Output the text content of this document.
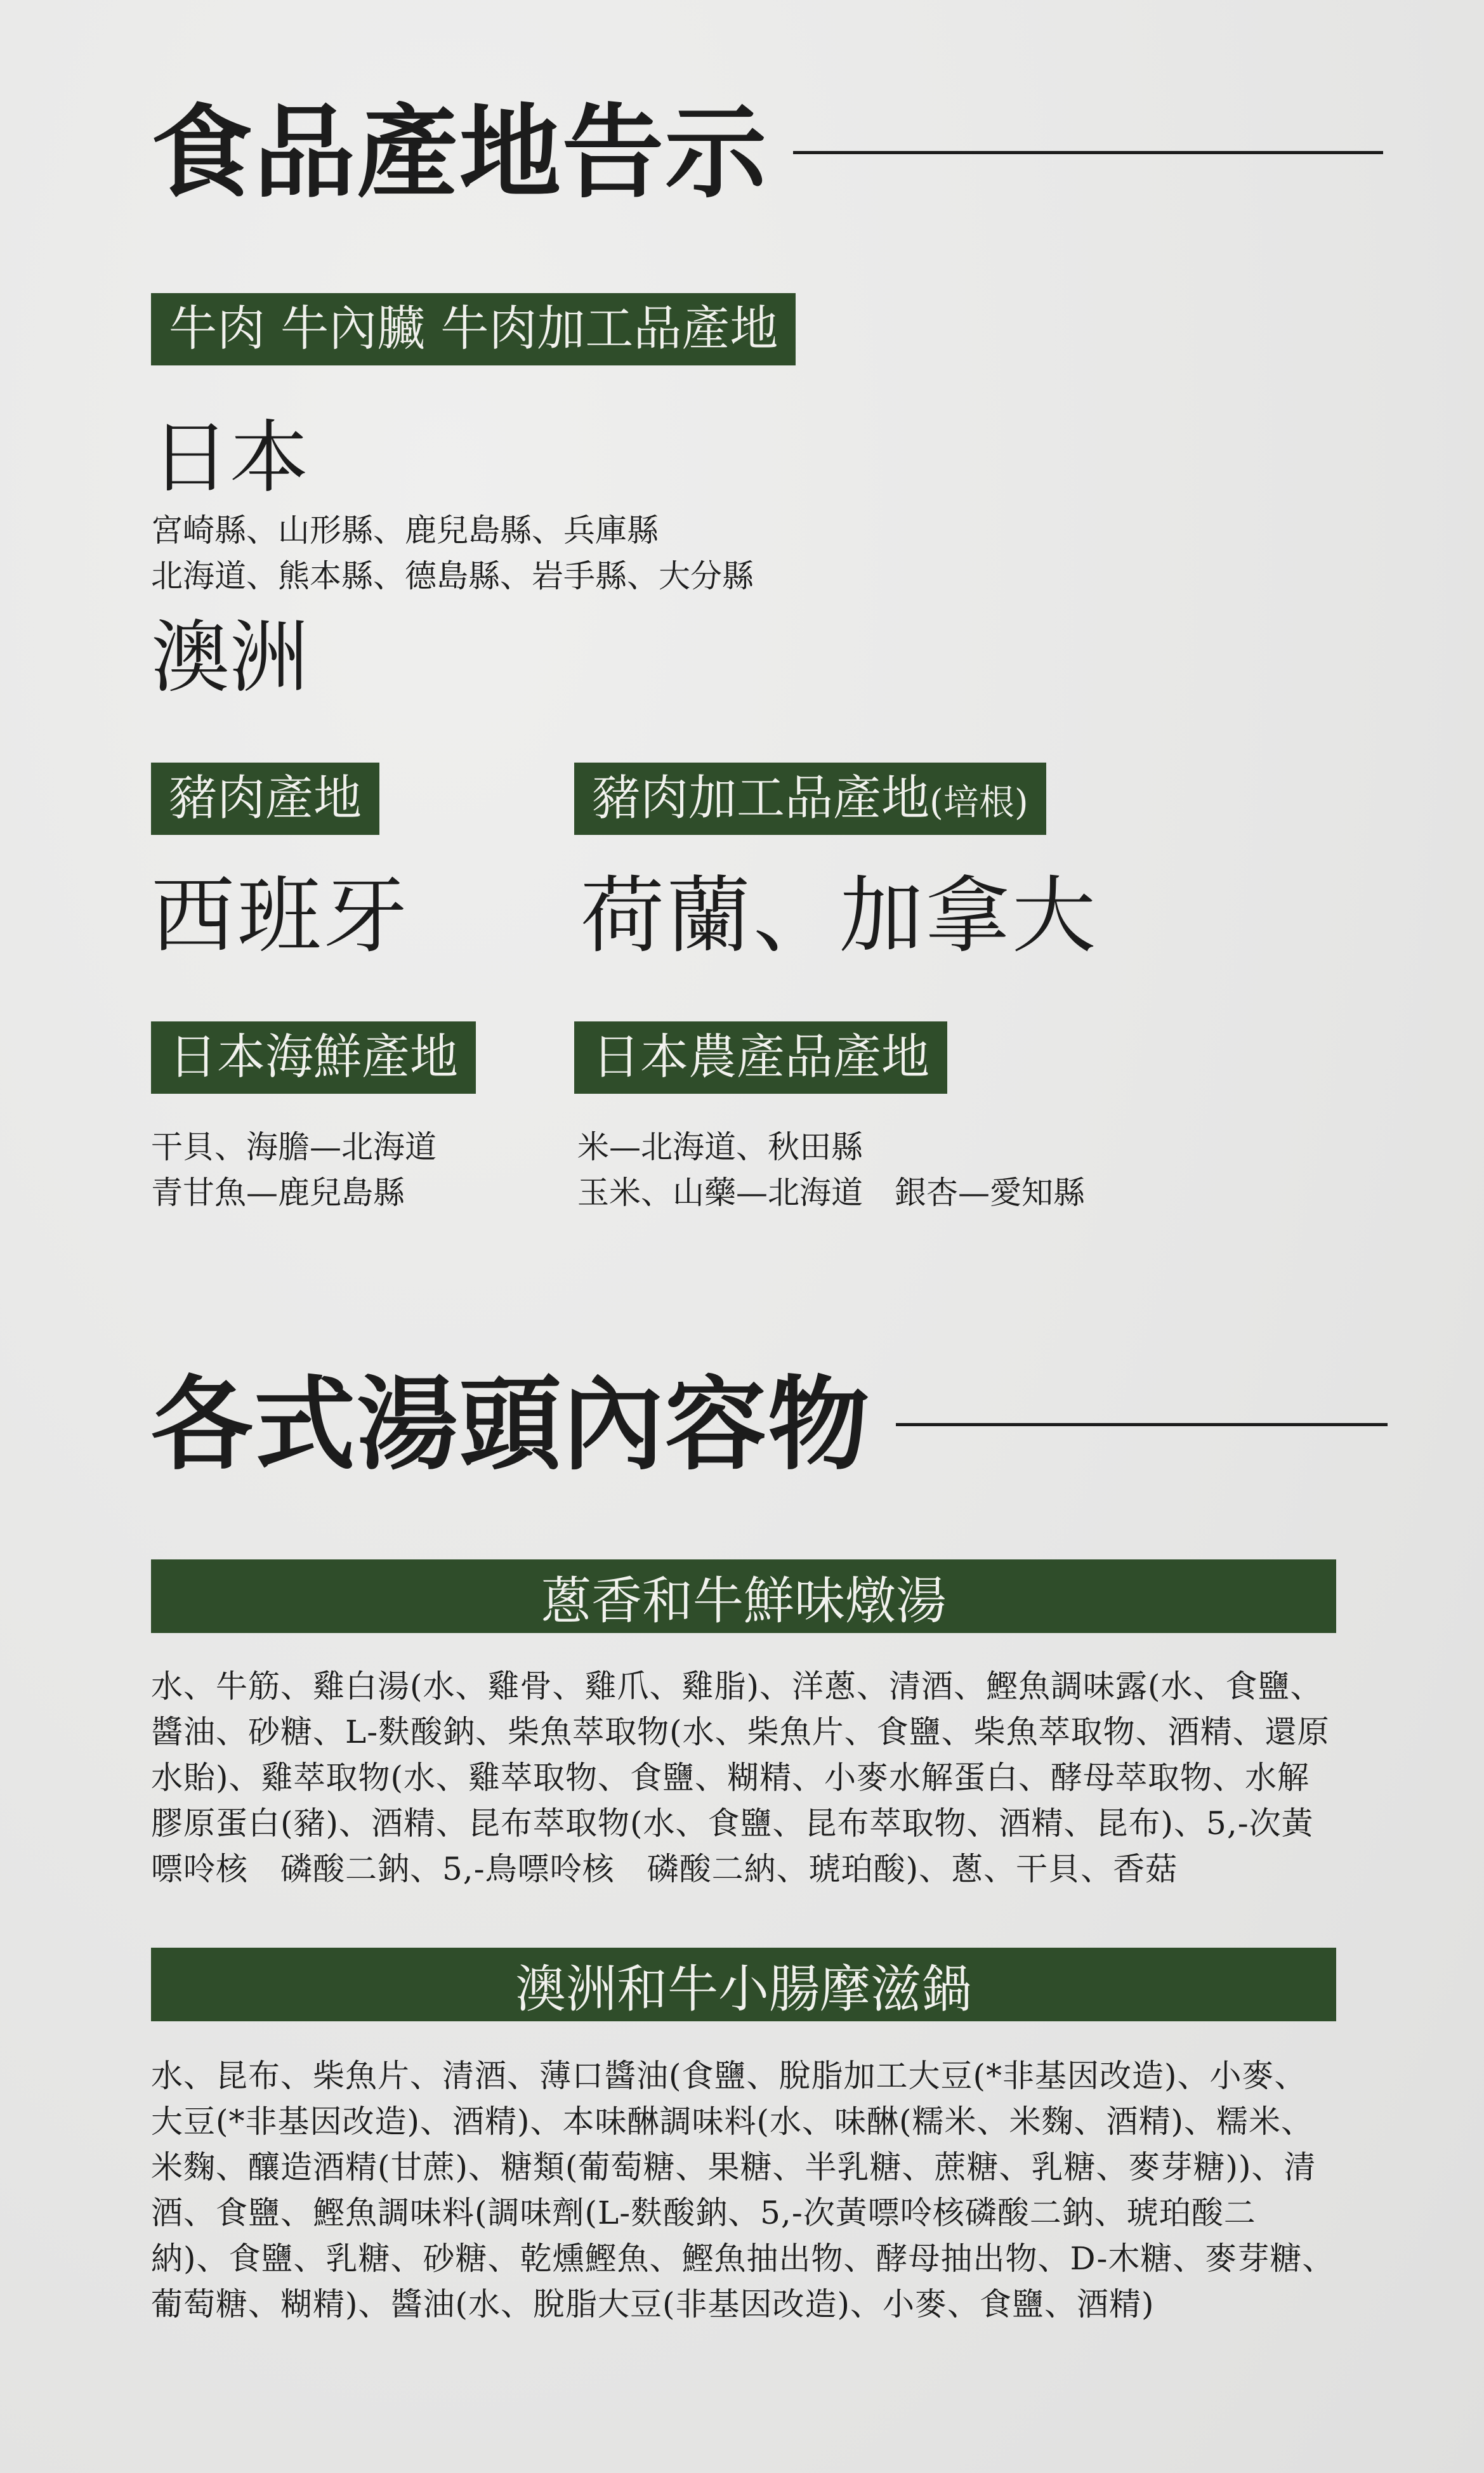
食品產地告示
牛肉 牛內臟 牛肉加工品產地
日本
宮崎縣、山形縣、鹿兒島縣、兵庫縣
北海道、熊本縣、德島縣、岩手縣、大分縣
澳洲
豬肉產地	豬肉加工品產地(培根)
西班牙 荷蘭、加拿大
日本海鮮產地	日本農產品產地
干貝、海膽—北海道
青甘魚—鹿兒島縣
米—北海道、秋田縣
玉米、山藥—北海道　銀杏—愛知縣
各式湯頭內容物
蔥香和牛鮮味燉湯
水、牛筋、雞白湯(水、雞骨、雞爪、雞脂)、洋蔥、清酒、鰹魚調味露(水、食鹽、
醬油、砂糖、L-麩酸鈉、柴魚萃取物(水、柴魚片、食鹽、柴魚萃取物、酒精、還原
水貽)、雞萃取物(水、雞萃取物、食鹽、糊精、小麥水解蛋白、酵母萃取物、水解
膠原蛋白(豬)、酒精、昆布萃取物(水、食鹽、昆布萃取物、酒精、昆布)、5,-次黃
嘌呤核　磷酸二鈉、5,-鳥嘌呤核　磷酸二納、琥珀酸)、蔥、干貝、香菇
澳洲和牛小腸摩滋鍋
水、昆布、柴魚片、清酒、薄口醬油(食鹽、脫脂加工大豆(*非基因改造)、小麥、
大豆(*非基因改造)、酒精)、本味醂調味料(水、味醂(糯米、米麴、酒精)、糯米、
米麴、釀造酒精(甘蔗)、糖類(葡萄糖、果糖、半乳糖、蔗糖、乳糖、麥芽糖))、清
酒、食鹽、鰹魚調味料(調味劑(L-麩酸鈉、5,-次黃嘌呤核磷酸二鈉、琥珀酸二
納)、食鹽、乳糖、砂糖、乾燻鰹魚、鰹魚抽出物、酵母抽出物、D-木糖、麥芽糖、
葡萄糖、糊精)、醬油(水、脫脂大豆(非基因改造)、小麥、食鹽、酒精)
